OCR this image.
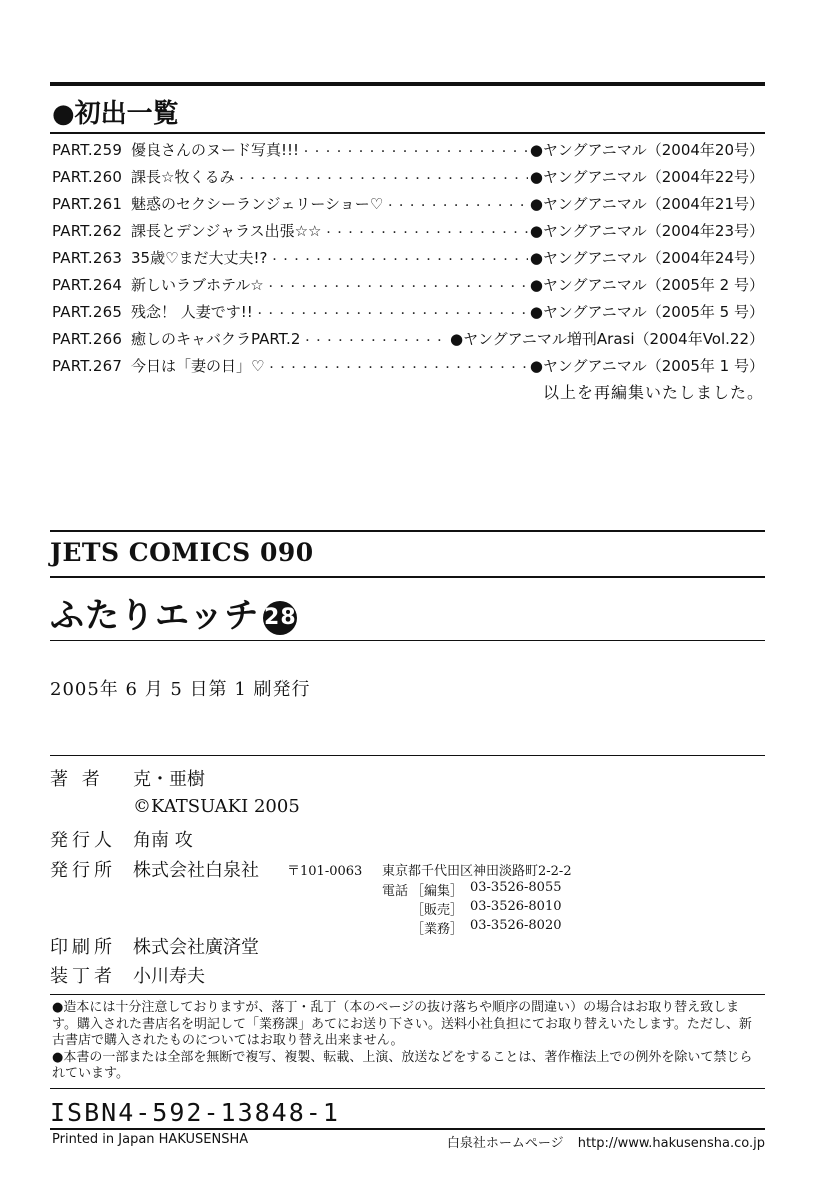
●初出一覧
PART.259 優良さんのヌード写真!!! ・・・・・・・・・・・・・・・・・・・・・・・・・・・・・・・・・・・・・・・・・・・・・・・・・	●ヤングアニマル（2004年20号）
PART.260 課長☆牧くるみ ・・・・・・・・・・・・・・・・・・・・・・・・・・・・・・・・・・・・・・・・・・・・・・・・・	●ヤングアニマル（2004年22号）
PART.261 魅惑のセクシーランジェリーショー♡ ・・・・・・・・・・・・・・・・・・・・・・・・・・・・・・・・・・・・・・・・・・・・・・・・・	●ヤングアニマル（2004年21号）
PART.262 課長とデンジャラス出張☆☆ ・・・・・・・・・・・・・・・・・・・・・・・・・・・・・・・・・・・・・・・・・・・・・・・・・	●ヤングアニマル（2004年23号）
PART.263 35歳♡まだ大丈夫!? ・・・・・・・・・・・・・・・・・・・・・・・・・・・・・・・・・・・・・・・・・・・・・・・・・	●ヤングアニマル（2004年24号）
PART.264 新しいラブホテル☆ ・・・・・・・・・・・・・・・・・・・・・・・・・・・・・・・・・・・・・・・・・・・・・・・・・	●ヤングアニマル（2005年 2 号）
PART.265 残念！ 人妻です!! ・・・・・・・・・・・・・・・・・・・・・・・・・・・・・・・・・・・・・・・・・・・・・・・・・	●ヤングアニマル（2005年 5 号）
PART.266 癒しのキャバクラPART.2 ・・・・・・・・・・・・・・・・・・・・・・・・・・・・・・・・・・・・・・・・・・・・・・・・・	●ヤングアニマル増刊Arasi（2004年Vol.22）
PART.267 今日は「妻の日」♡ ・・・・・・・・・・・・・・・・・・・・・・・・・・・・・・・・・・・・・・・・・・・・・・・・・	●ヤングアニマル（2005年 1 号）
以上を再編集いたしました。
JETS COMICS 090
ふたりエッチ 28
2005年 6 月 5 日第 1 刷発行
著 者	克・亜樹
©KATSUAKI 2005
発行人 角南 攻
発行所 株式会社白泉社 〒101-0063 東京都千代田区神田淡路町2-2-2
電話 ［編集］ 03-3526-8055
［販売］ 03-3526-8010
［業務］ 03-3526-8020
印刷所 株式会社廣済堂
装丁者 小川寿夫

●造本には十分注意しておりますが、落丁・乱丁（本のページの抜け落ちや順序の間違い）の場合はお取り替え致します。購入された書店名を明記して「業務課」あてにお送り下さい。送料小社負担にてお取り替えいたします。ただし、新古書店で購入されたものについてはお取り替え出来ません。

●本書の一部または全部を無断で複写、複製、転載、上演、放送などをすることは、著作権法上での例外を除いて禁じられています。

ISBN4-592-13848-1
Printed in Japan HAKUSENSHA	白泉社ホームページ http://www.hakusensha.co.jp
